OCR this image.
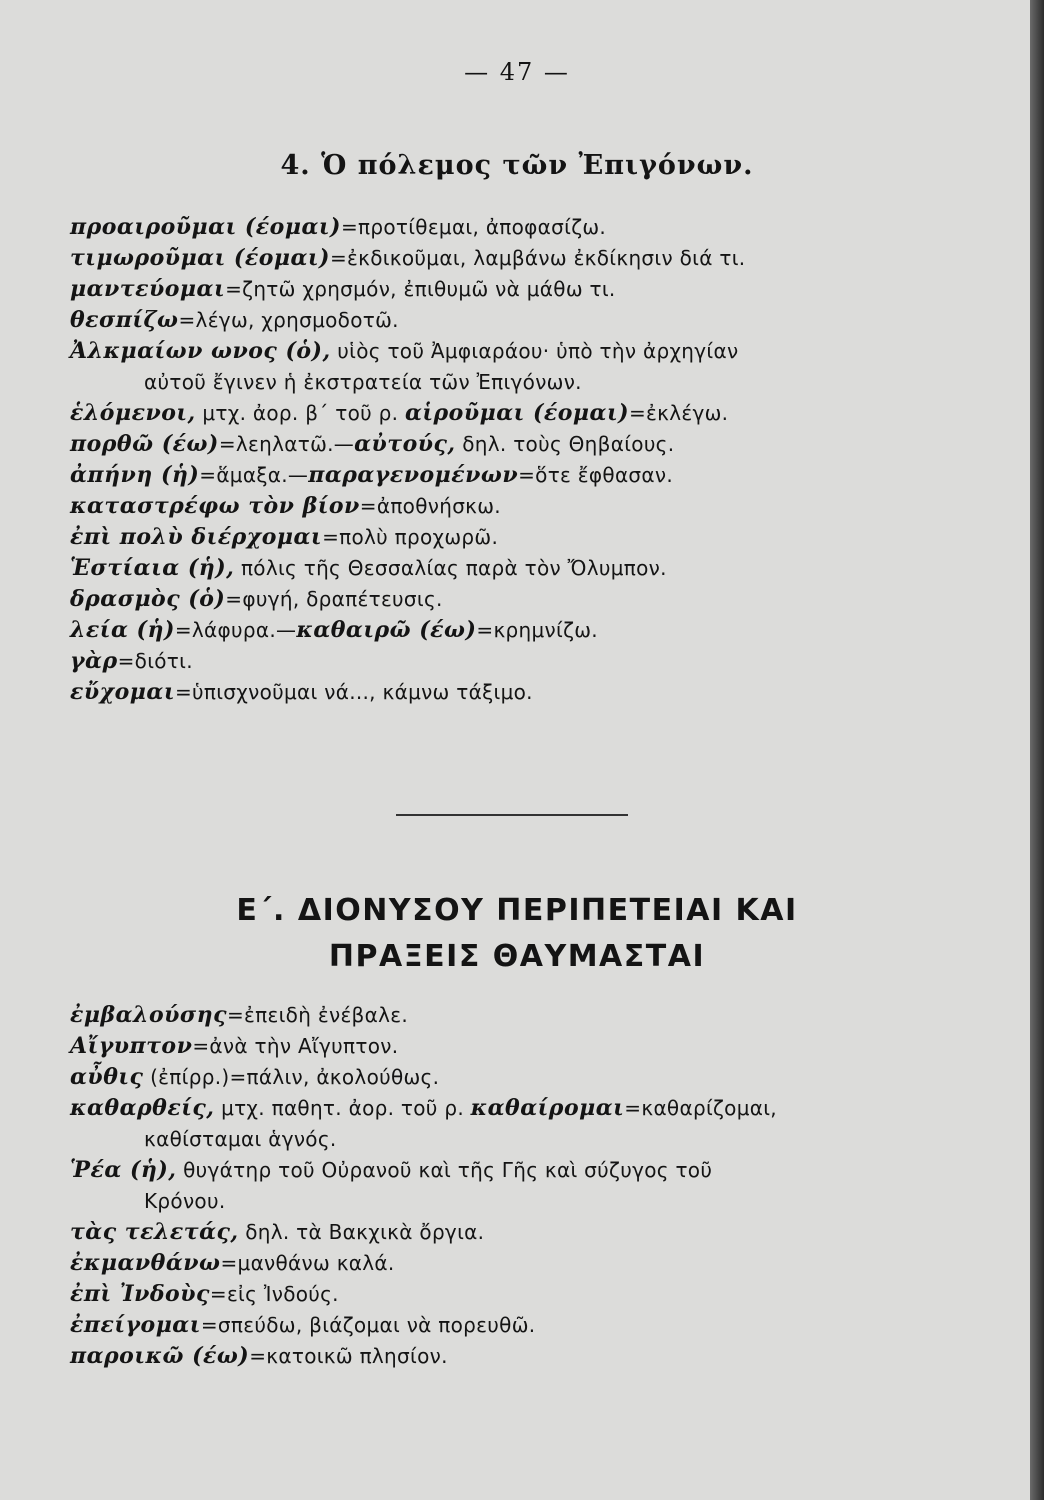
— 47 —
4. Ὁ πόλεμος τῶν Ἐπιγόνων.
προαιροῦμαι (έομαι)=προτίθεμαι, ἀποφασίζω.
τιμωροῦμαι (έομαι)=ἐκδικοῦμαι, λαμβάνω ἐκδίκησιν διά τι.
μαντεύομαι=ζητῶ χρησμόν, ἐπιθυμῶ νὰ μάθω τι.
θεσπίζω=λέγω, χρησμοδοτῶ.
Ἀλκμαίων ωνος (ὁ), υἱὸς τοῦ Ἀμφιαράου· ὑπὸ τὴν ἀρχηγίαν
αὐτοῦ ἔγινεν ἡ ἐκστρατεία τῶν Ἐπιγόνων.
ἑλόμενοι, μτχ. ἀορ. β΄ τοῦ ρ. αἱροῦμαι (έομαι)=ἐκλέγω.
πορθῶ (έω)=λεηλατῶ.—αὐτούς, δηλ. τοὺς Θηβαίους.
ἀπήνη (ἡ)=ἅμαξα.—παραγενομένων=ὅτε ἔφθασαν.
καταστρέφω τὸν βίον=ἀποθνήσκω.
ἐπὶ πολὺ διέρχομαι=πολὺ προχωρῶ.
Ἑστίαια (ἡ), πόλις τῆς Θεσσαλίας παρὰ τὸν Ὄλυμπον.
δρασμὸς (ὁ)=φυγή, δραπέτευσις.
λεία (ἡ)=λάφυρα.—καθαιρῶ (έω)=κρημνίζω.
γὰρ=διότι.
εὔχομαι=ὑπισχνοῦμαι νά..., κάμνω τάξιμο.
Ε΄. ΔΙΟΝΥΣΟΥ ΠΕΡΙΠΕΤΕΙΑΙ ΚΑΙ
ΠΡΑΞΕΙΣ ΘΑΥΜΑΣΤΑΙ
ἐμβαλούσης=ἐπειδὴ ἐνέβαλε.
Αἴγυπτον=ἀνὰ τὴν Αἴγυπτον.
αὖθις (ἐπίρρ.)=πάλιν, ἀκολούθως.
καθαρθείς, μτχ. παθητ. ἀορ. τοῦ ρ. καθαίρομαι=καθαρίζομαι,
καθίσταμαι ἁγνός.
Ῥέα (ἡ), θυγάτηρ τοῦ Οὐρανοῦ καὶ τῆς Γῆς καὶ σύζυγος τοῦ
Κρόνου.
τὰς τελετάς, δηλ. τὰ Βακχικὰ ὄργια.
ἐκμανθάνω=μανθάνω καλά.
ἐπὶ Ἰνδοὺς=εἰς Ἰνδούς.
ἐπείγομαι=σπεύδω, βιάζομαι νὰ πορευθῶ.
παροικῶ (έω)=κατοικῶ πλησίον.
